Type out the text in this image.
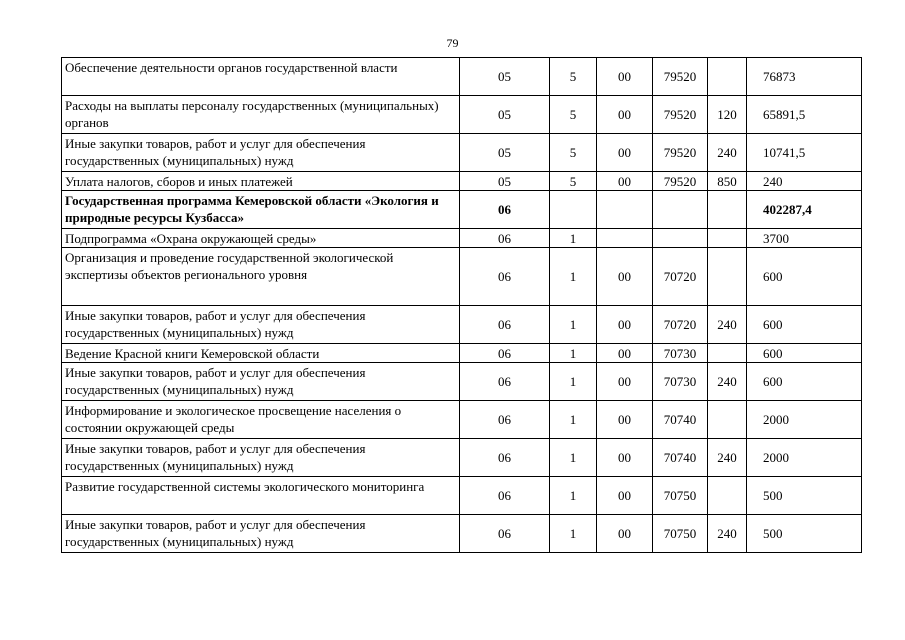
79
Обеспечение деятельности органов государственной власти	05	5	00	79520		76873
Расходы на выплаты персоналу государственных (муниципальных) органов	05	5	00	79520	120	65891,5
Иные закупки товаров, работ и услуг для обеспечения государственных (муниципальных) нужд	05	5	00	79520	240	10741,5
Уплата налогов, сборов и иных платежей	05	5	00	79520	850	240
Государственная программа Кемеровской области «Экология и природные ресурсы Кузбасса»	06					402287,4
Подпрограмма «Охрана окружающей среды»	06	1				3700
Организация и проведение государственной экологической экспертизы объектов регионального уровня	06	1	00	70720		600
Иные закупки товаров, работ и услуг для обеспечения государственных (муниципальных) нужд	06	1	00	70720	240	600
Ведение Красной книги Кемеровской области	06	1	00	70730		600
Иные закупки товаров, работ и услуг для обеспечения государственных (муниципальных) нужд	06	1	00	70730	240	600
Информирование и экологическое просвещение населения о состоянии окружающей среды	06	1	00	70740		2000
Иные закупки товаров, работ и услуг для обеспечения государственных (муниципальных) нужд	06	1	00	70740	240	2000
Развитие государственной системы экологического мониторинга	06	1	00	70750		500
Иные закупки товаров, работ и услуг для обеспечения государственных (муниципальных) нужд	06	1	00	70750	240	500
